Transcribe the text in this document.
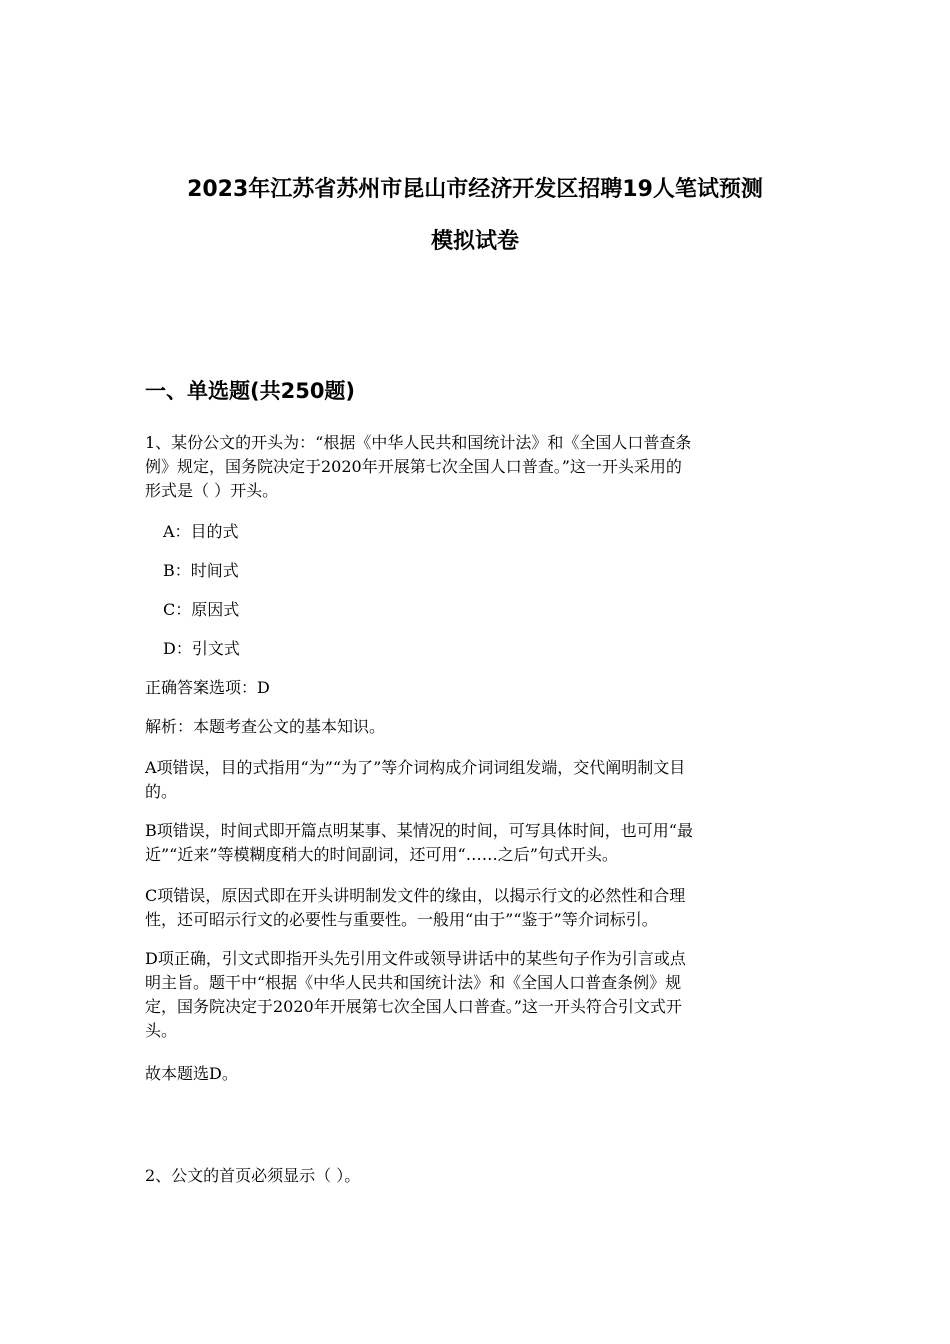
2023年江苏省苏州市昆山市经济开发区招聘19人笔试预测
模拟试卷
一、单选题(共250题)

1、某份公文的开头为：“根据《中华人民共和国统计法》和《全国人口普查条
例》规定，国务院决定于2020年开展第七次全国人口普查。”这一开头采用的
形式是（ ）开头。

A：目的式

B：时间式

C：原因式

D：引文式

正确答案选项：D

解析：本题考查公文的基本知识。

A项错误，目的式指用“为”“为了”等介词构成介词词组发端，交代阐明制文目
的。

B项错误，时间式即开篇点明某事、某情况的时间，可写具体时间，也可用“最
近”“近来”等模糊度稍大的时间副词，还可用“……之后”句式开头。

C项错误，原因式即在开头讲明制发文件的缘由，以揭示行文的必然性和合理
性，还可昭示行文的必要性与重要性。一般用“由于”“鉴于”等介词标引。

D项正确，引文式即指开头先引用文件或领导讲话中的某些句子作为引言或点
明主旨。题干中“根据《中华人民共和国统计法》和《全国人口普查条例》规
定，国务院决定于2020年开展第七次全国人口普查。”这一开头符合引文式开
头。

故本题选D。

2、公文的首页必须显示（ ）。
